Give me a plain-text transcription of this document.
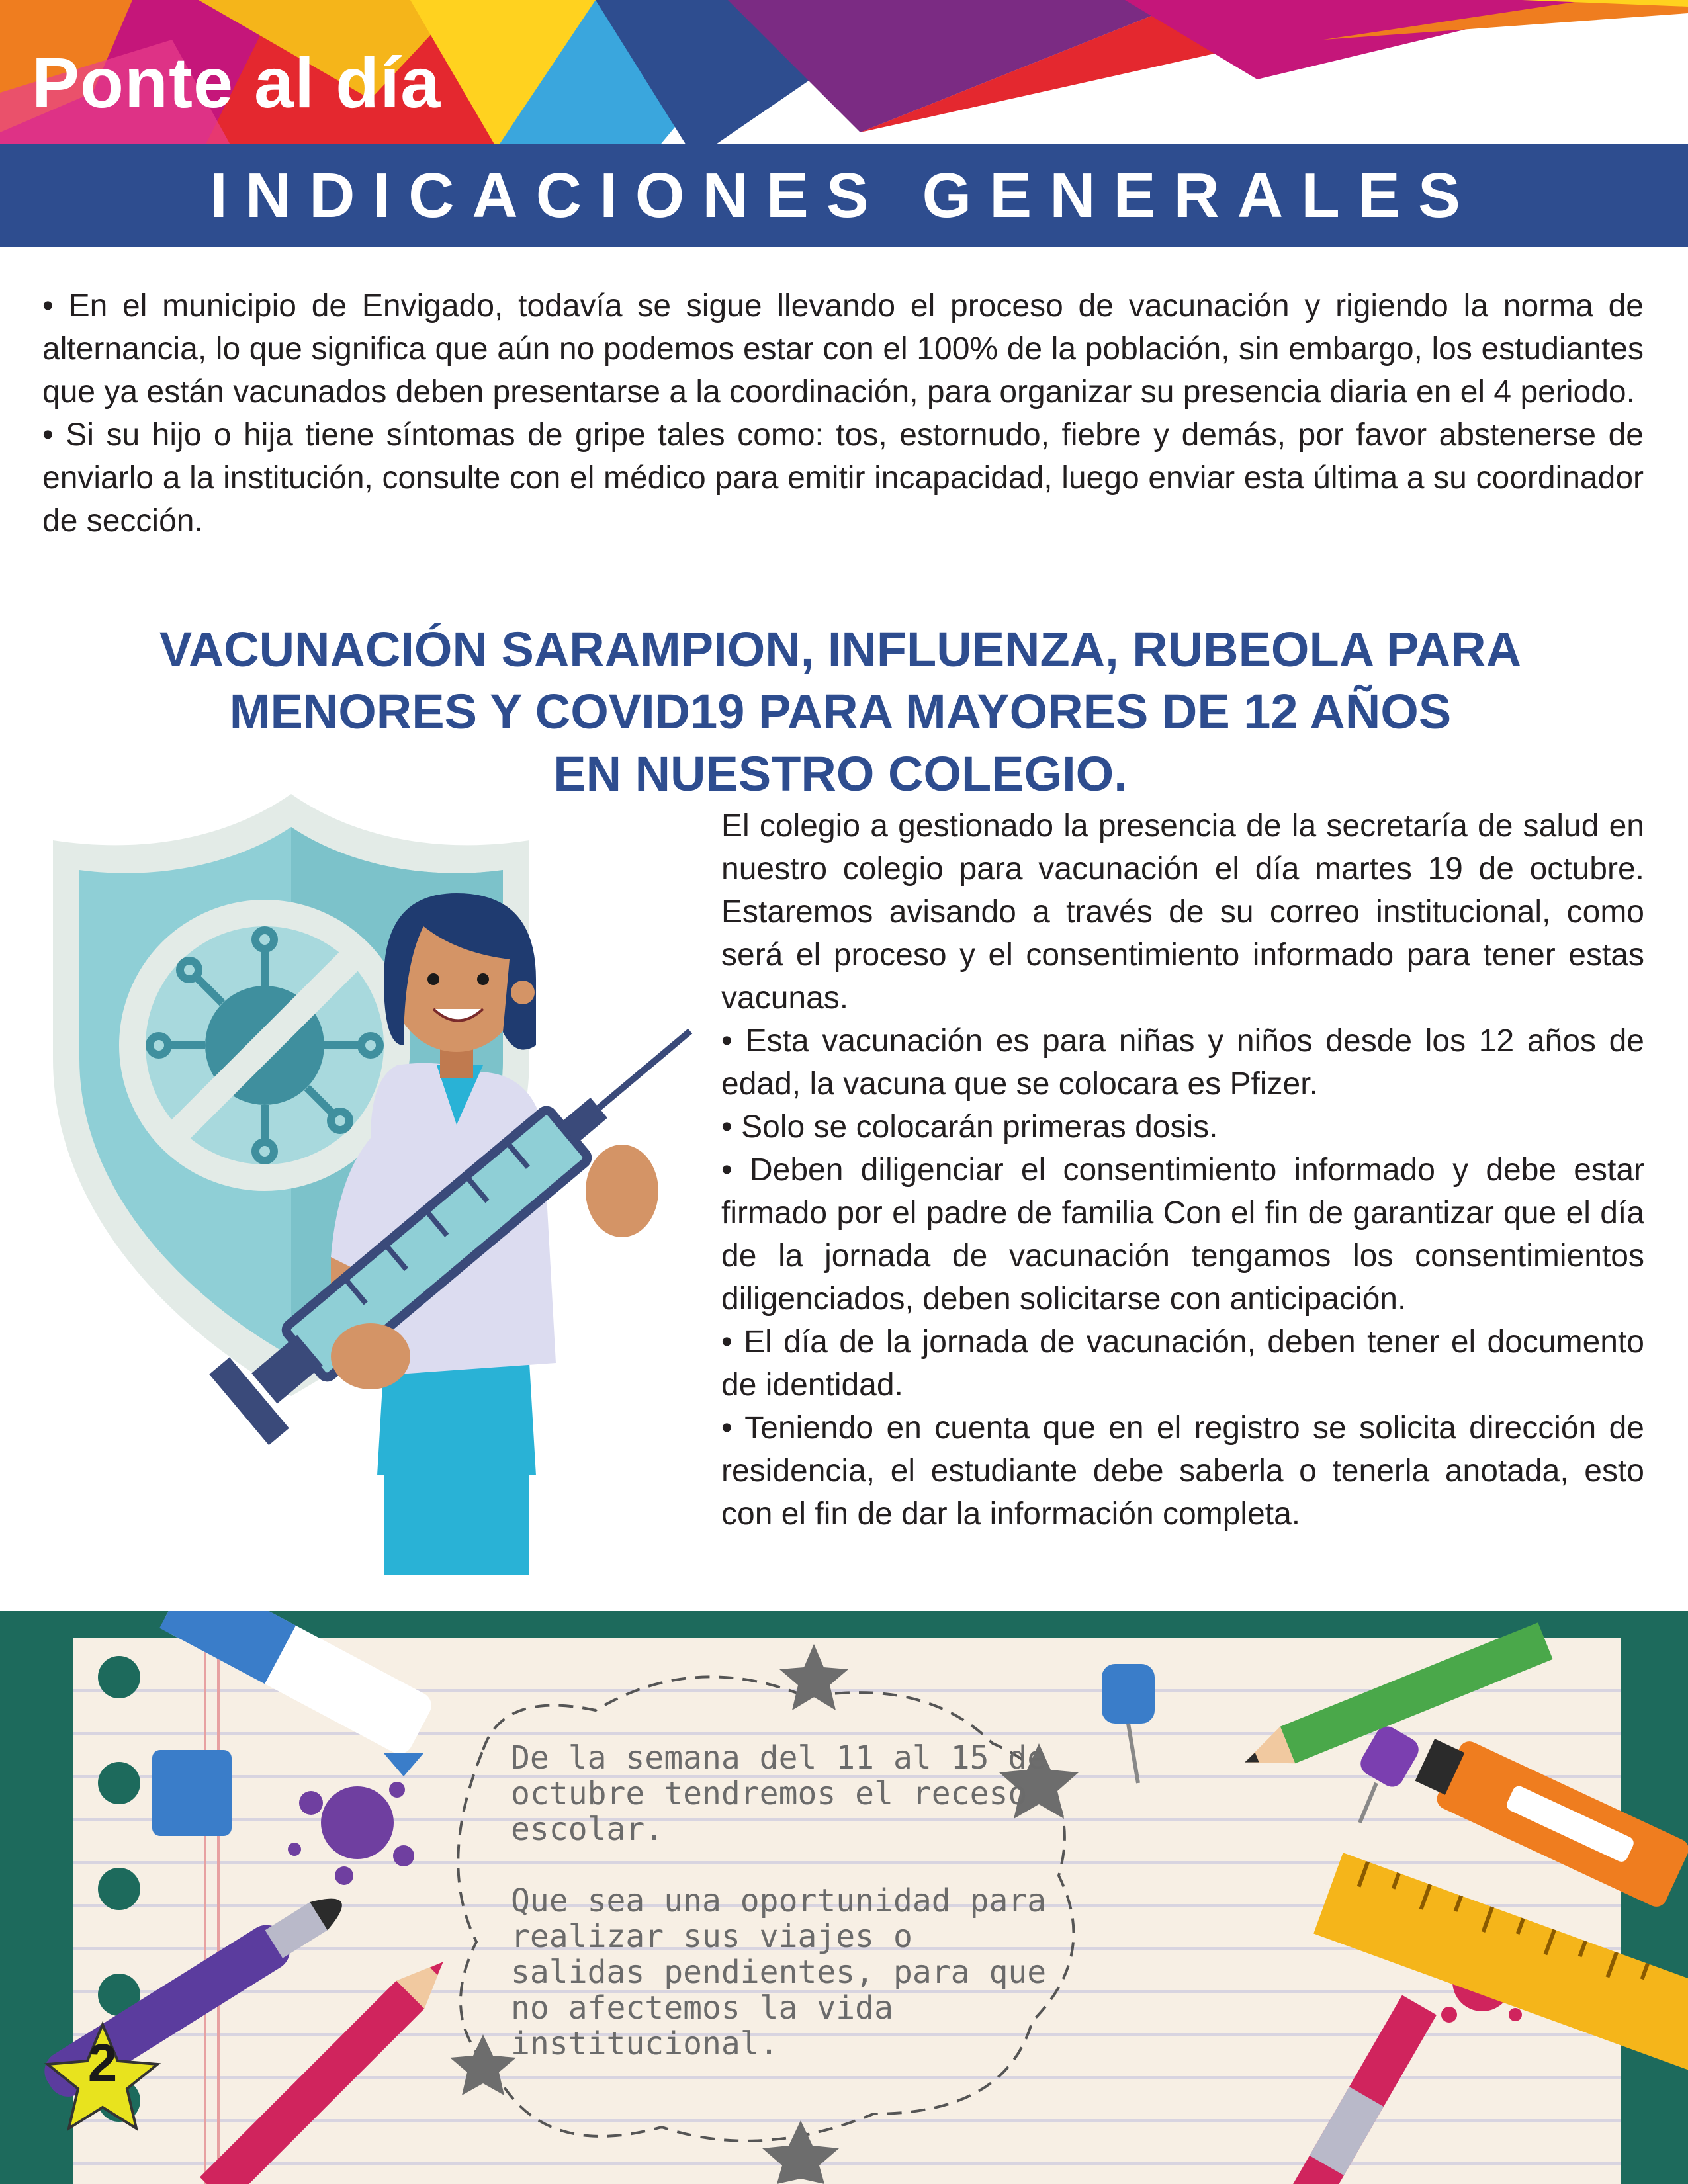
Ponte al día
INDICACIONES GENERALES

• En el municipio de Envigado, todavía se sigue llevando el proceso de vacunación y rigiendo la norma de alternancia, lo que significa que aún no podemos estar con el 100% de la población, sin embargo, los estudiantes que ya están vacunados deben presentarse a la coordinación, para organizar su presencia diaria en el 4 periodo.

• Si su hijo o hija tiene síntomas de gripe tales como: tos, estornudo, fiebre y demás, por favor abstenerse de enviarlo a la institución, consulte con el médico para emitir incapacidad, luego enviar esta última a su coordinador de sección.

VACUNACIÓN SARAMPION, INFLUENZA, RUBEOLA PARA
MENORES Y COVID19 PARA MAYORES DE 12 AÑOS
EN NUESTRO COLEGIO.

El colegio a gestionado la presencia de la secretaría de salud en nuestro colegio para vacunación el día martes 19 de octubre. Estaremos avisando a través de su correo institucional, como será el proceso y el consentimiento informado para tener estas vacunas.

• Esta vacunación es para niñas y niños desde los 12 años de edad, la vacuna que se colocara es Pfizer.

• Solo se colocarán primeras dosis.

• Deben diligenciar el consentimiento informado y debe estar firmado por el padre de familia Con el fin de garantizar que el día de la jornada de vacunación tengamos los consentimientos diligenciados, deben solicitarse con anticipación.

• El día de la jornada de vacunación, deben tener el documento de identidad.

• Teniendo en cuenta que en el registro se solicita dirección de residencia, el estudiante debe saberla o tenerla anotada, esto con el fin de dar la información completa.

De la semana del 11 al 15 de octubre tendremos el receso escolar.

Que sea una oportunidad para realizar sus viajes o salidas pendientes, para que no afectemos la vida institucional.

2
